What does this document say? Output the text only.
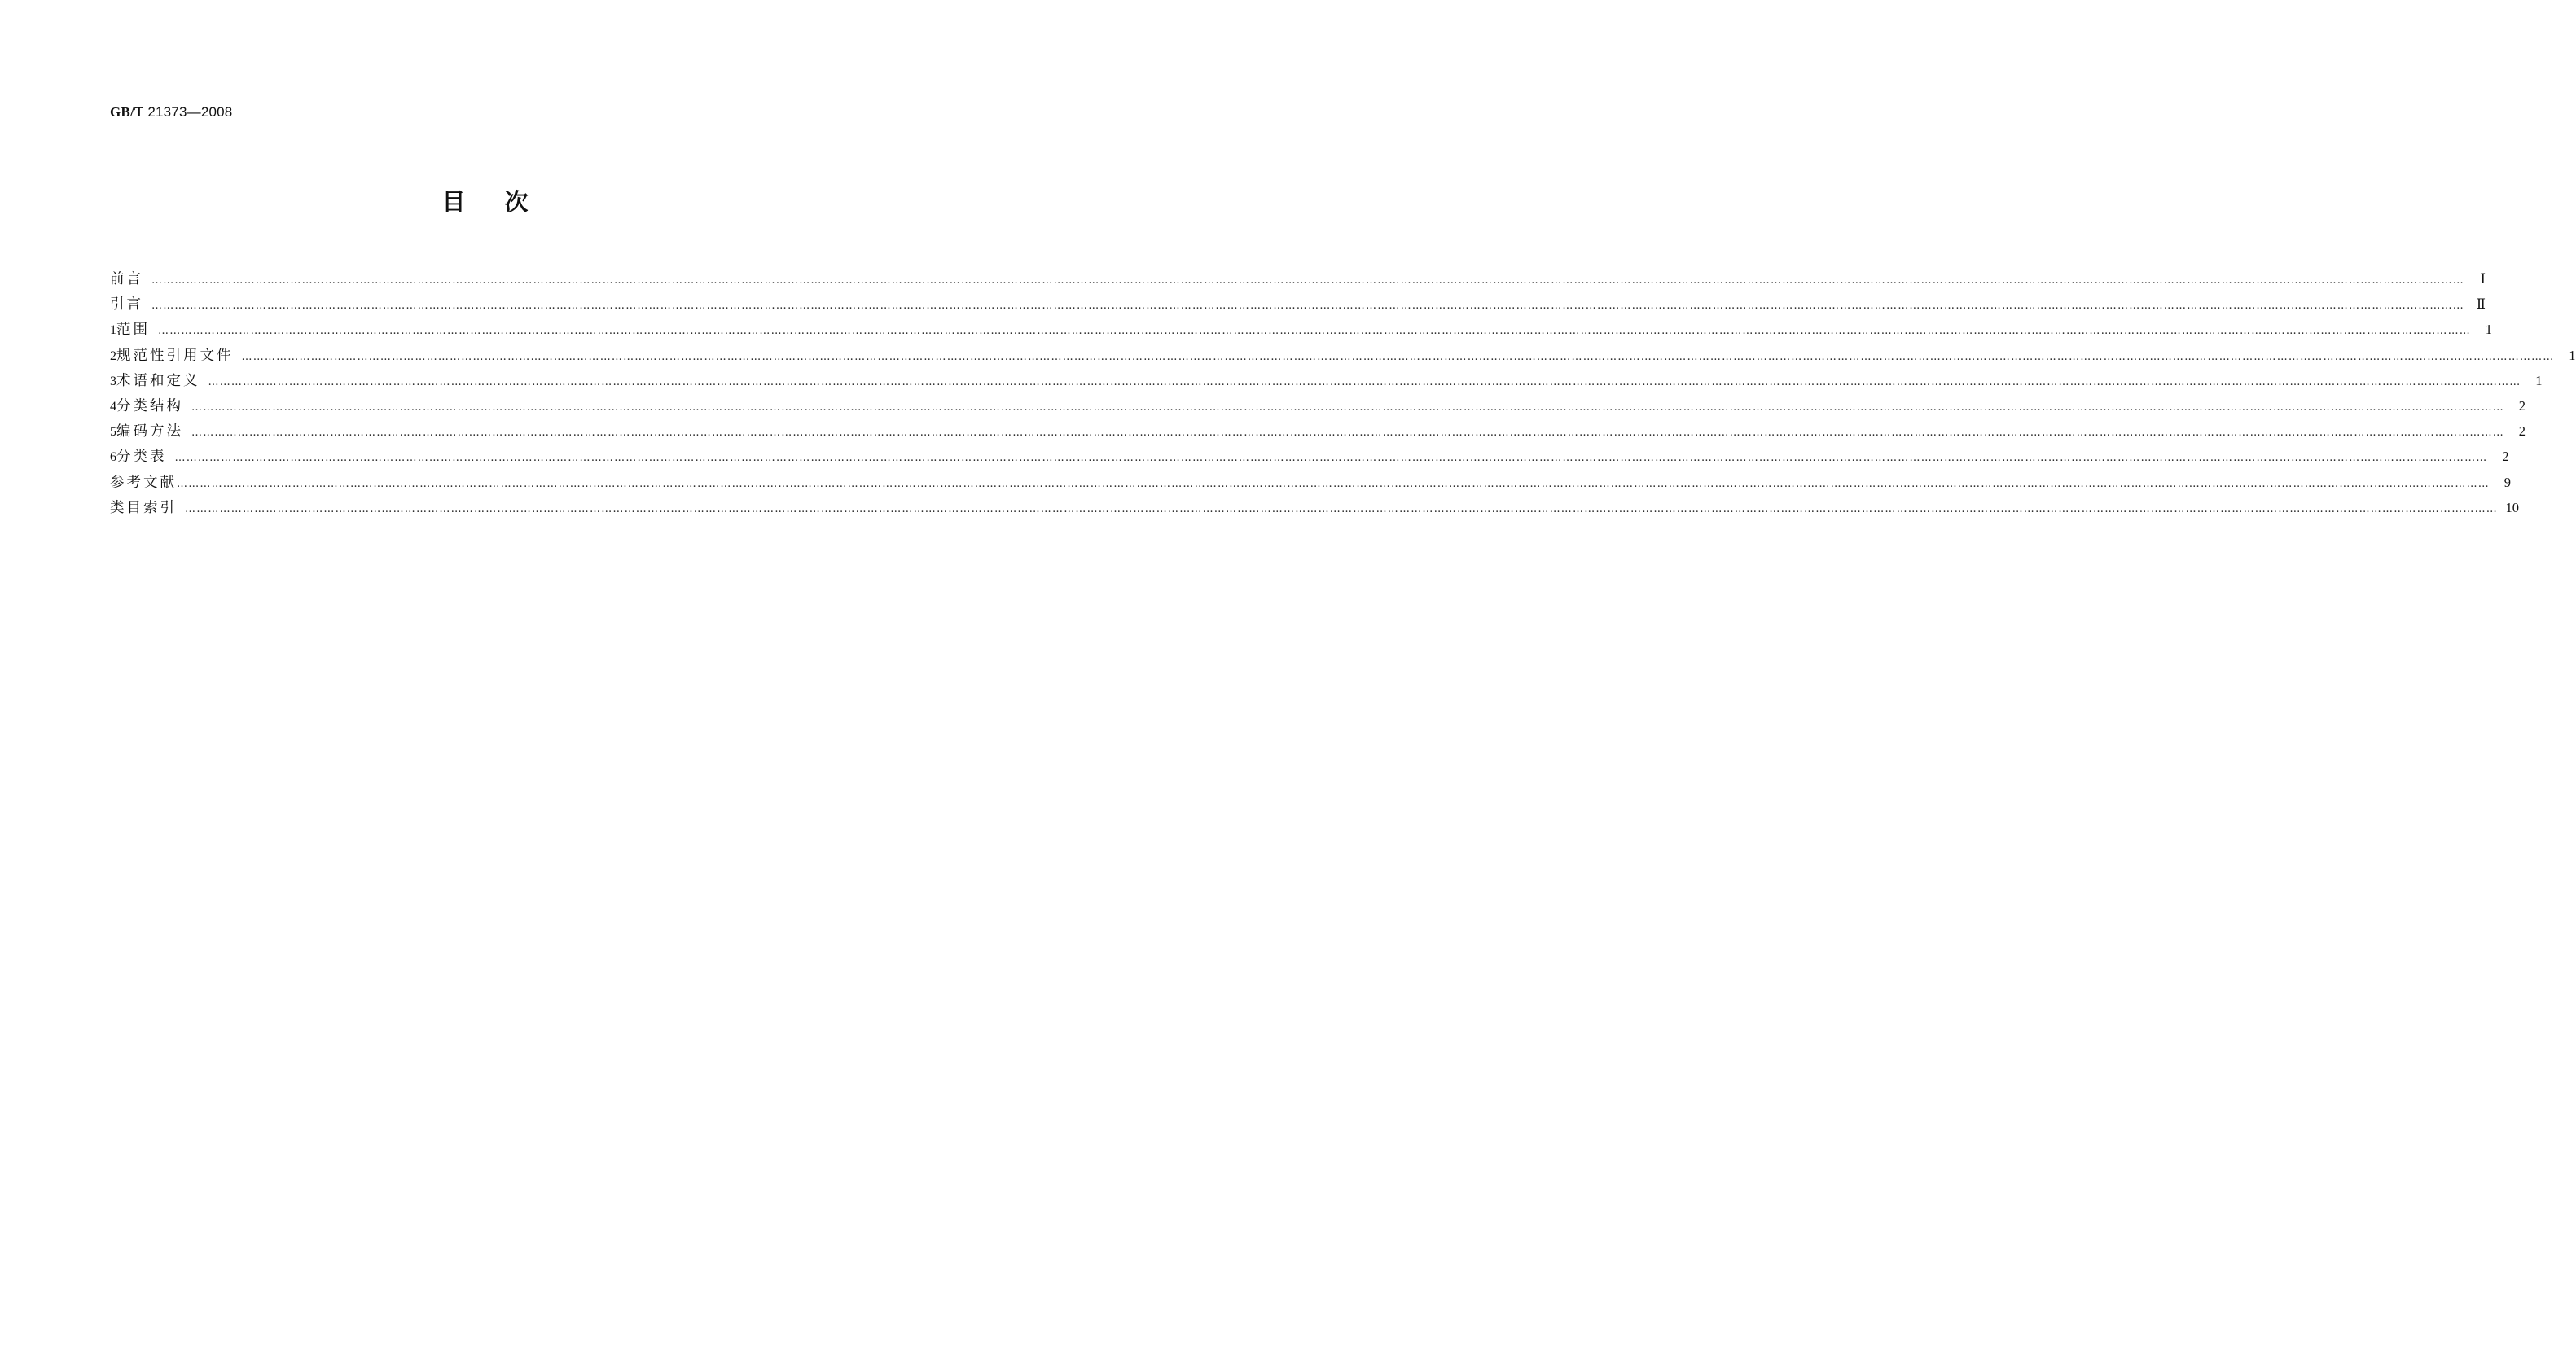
GB/T 21373—2008
目次
前言 ……………………………………………………………………………………………………………………………………………………………………………………………………………………………………………………………………………………………………………………………………………………………………………………………………………………………………………………………………………………………………………………………………………………	Ⅰ
引言 …………………………………………………………………………………………………………………………………………………………………………………………………………………………………………………………………………………………………………………………………………………………………………………………………………………………………………………………………………………………………………………………………………………… Ⅱ
1 范围 ……………………………………………………………………………………………………………………………………………………………………………………………………………………………………………………………………………………………………………………………………………………………………………………………………………………………………………………………………………………………………………………………………………………	1
2 规范性引用文件 ……………………………………………………………………………………………………………………………………………………………………………………………………………………………………………………………………………………………………………………………………………………………………………………………………………………………………………………………………………………………………………………………………………………	1
3 术语和定义 ……………………………………………………………………………………………………………………………………………………………………………………………………………………………………………………………………………………………………………………………………………………………………………………………………………………………………………………………………………………………………………………………………………………	1
4 分类结构 ……………………………………………………………………………………………………………………………………………………………………………………………………………………………………………………………………………………………………………………………………………………………………………………………………………………………………………………………………………………………………………………………………………………	2
5 编码方法 ……………………………………………………………………………………………………………………………………………………………………………………………………………………………………………………………………………………………………………………………………………………………………………………………………………………………………………………………………………………………………………………………………………………	2
6 分类表 ……………………………………………………………………………………………………………………………………………………………………………………………………………………………………………………………………………………………………………………………………………………………………………………………………………………………………………………………………………………………………………………………………………………	2
参考文献 ……………………………………………………………………………………………………………………………………………………………………………………………………………………………………………………………………………………………………………………………………………………………………………………………………………………………………………………………………………………………………………………………………………………	9
类目索引 …………………………………………………………………………………………………………………………………………………………………………………………………………………………………………………………………………………………………………………………………………………………………………………………………………………………………………………………………………………………………………………………………………………… 10
